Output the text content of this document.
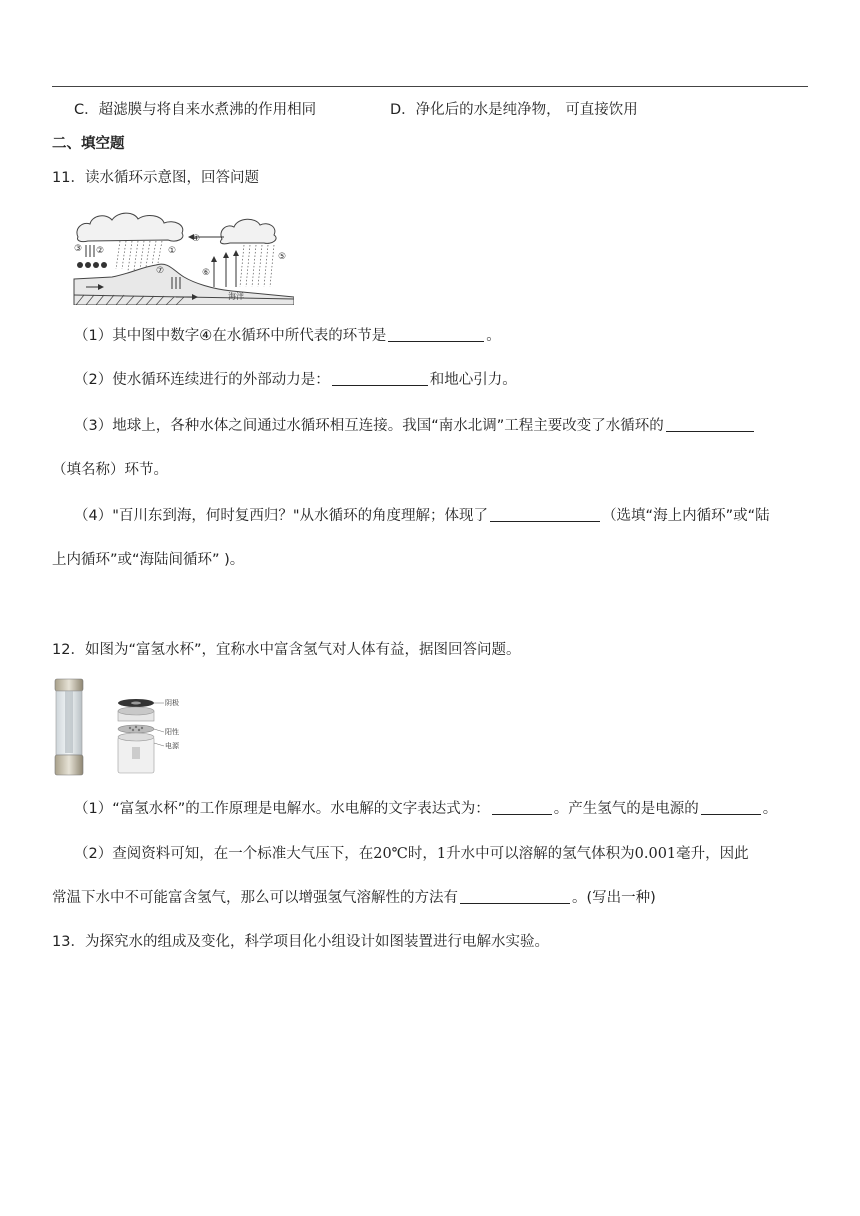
C．超滤膜与将自来水煮沸的作用相同	D．净化后的水是纯净物， 可直接饮用
二、填空题
11．读水循环示意图，回答问题
①
②
③
④
⑤
⑥
⑦
海洋
（1）其中图中数字④在水循环中所代表的环节是	。
（2）使水循环连续进行的外部动力是：	和地心引力。
（3）地球上，各种水体之间通过水循环相互连接。我国“南水北调”工程主要改变了水循环的
（填名称）环节。
（4）"百川东到海，何时复西归？"从水循环的角度理解；体现了	（选填“海上内循环”或“陆
上内循环”或“海陆间循环” )。
12．如图为“富氢水杯”，宜称水中富含氢气对人体有益，据图回答问题。
阴极
阳性
电源
（1）“富氢水杯”的工作原理是电解水。水电解的文字表达式为：	。产生氢气的是电源的	。
（2）查阅资料可知，在一个标准大气压下，在20℃时，1升水中可以溶解的氢气体积为0.001毫升，因此
常温下水中不可能富含氢气，那么可以增强氢气溶解性的方法有	。(写出一种)
13．为探究水的组成及变化，科学项目化小组设计如图装置进行电解水实验。
